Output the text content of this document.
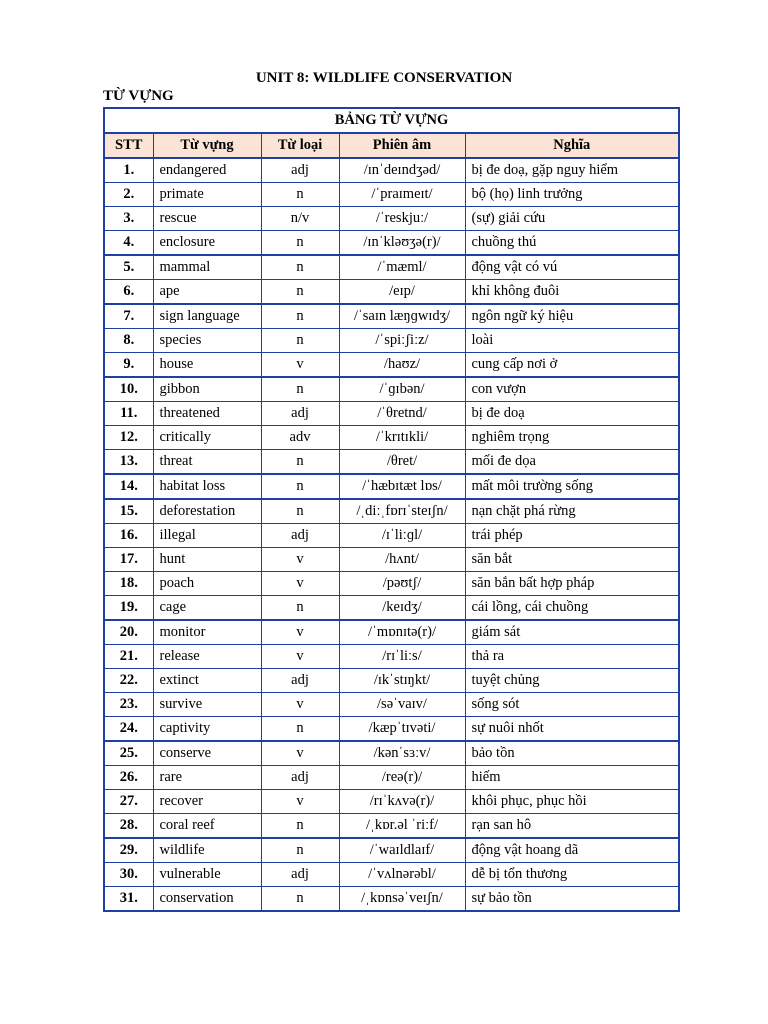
UNIT 8: WILDLIFE CONSERVATION
TỪ VỰNG
BẢNG TỪ VỰNG				
STT	Từ vựng	Từ loại	Phiên âm	Nghĩa
1.	endangered	adj	/ɪnˈdeɪndʒəd/	bị đe doạ, gặp nguy hiểm
2.	primate	n	/ˈpraɪmeɪt/	bộ (họ) linh trưởng
3.	rescue	n/v	/ˈreskjuː/	(sự) giải cứu
4.	enclosure	n	/ɪnˈkləʊʒə(r)/	chuồng thú
5.	mammal	n	/ˈmæml/	động vật có vú
6.	ape	n	/eɪp/	khỉ không đuôi
7.	sign language	n	/ˈsaɪn læŋɡwɪdʒ/	ngôn ngữ ký hiệu
8.	species	n	/ˈspiːʃiːz/	loài
9.	house	v	/haʊz/	cung cấp nơi ở
10.	gibbon	n	/ˈɡɪbən/	con vượn
11.	threatened	adj	/ˈθretnd/	bị đe doạ
12.	critically	adv	/ˈkrɪtɪkli/	nghiêm trọng
13.	threat	n	/θret/	mối đe dọa
14.	habitat loss	n	/ˈhæbɪtæt lɒs/	mất môi trường sống
15.	deforestation	n	/ˌdiːˌfɒrɪˈsteɪʃn/	nạn chặt phá rừng
16.	illegal	adj	/ɪˈliːɡl/	trái phép
17.	hunt	v	/hʌnt/	săn bắt
18.	poach	v	/pəʊtʃ/	săn bắn bất hợp pháp
19.	cage	n	/keɪdʒ/	cái lồng, cái chuồng
20.	monitor	v	/ˈmɒnɪtə(r)/	giám sát
21.	release	v	/rɪˈliːs/	thả ra
22.	extinct	adj	/ɪkˈstɪŋkt/	tuyệt chủng
23.	survive	v	/səˈvaɪv/	sống sót
24.	captivity	n	/kæpˈtɪvəti/	sự nuôi nhốt
25.	conserve	v	/kənˈsɜːv/	bảo tồn
26.	rare	adj	/reə(r)/	hiếm
27.	recover	v	/rɪˈkʌvə(r)/	khôi phục, phục hồi
28.	coral reef	n	/ˌkɒr.əl ˈriːf/	rạn san hô
29.	wildlife	n	/ˈwaɪldlaɪf/	động vật hoang dã
30.	vulnerable	adj	/ˈvʌlnərəbl/	dễ bị tổn thương
31.	conservation	n	/ˌkɒnsəˈveɪʃn/	sự bảo tồn
